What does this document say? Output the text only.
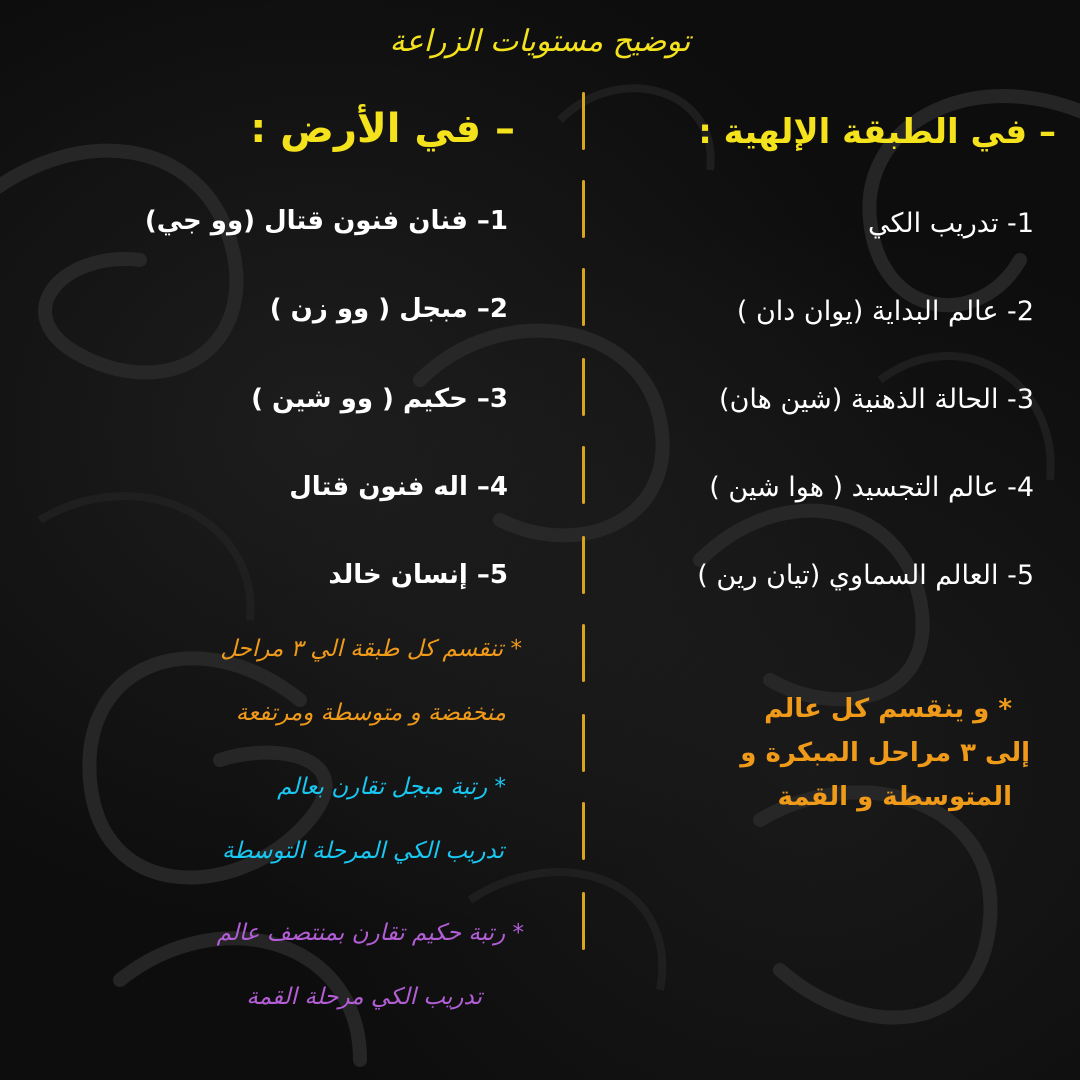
توضيح مستويات الزراعة
– في الطبقة الإلهية :
– في الأرض :
1- تدريب الكي
2- عالم البداية (يوان دان )
3- الحالة الذهنية (شين هان)
4- عالم التجسيد ( هوا شين )
5- العالم السماوي (تيان رين )
1– فنان فنون قتال (وو جي)
2– مبجل ( وو زن )
3– حكيم ( وو شين )
4– اله فنون قتال
5– إنسان خالد
* و ينقسم كل عالم
إلى ٣ مراحل المبكرة و
المتوسطة و القمة
* تنقسم كل طبقة الي ٣ مراحل
منخفضة و متوسطة ومرتفعة
* رتبة مبجل تقارن بعالم
تدريب الكي المرحلة التوسطة
* رتبة حكيم تقارن بمنتصف عالم
تدريب الكي مرحلة القمة
